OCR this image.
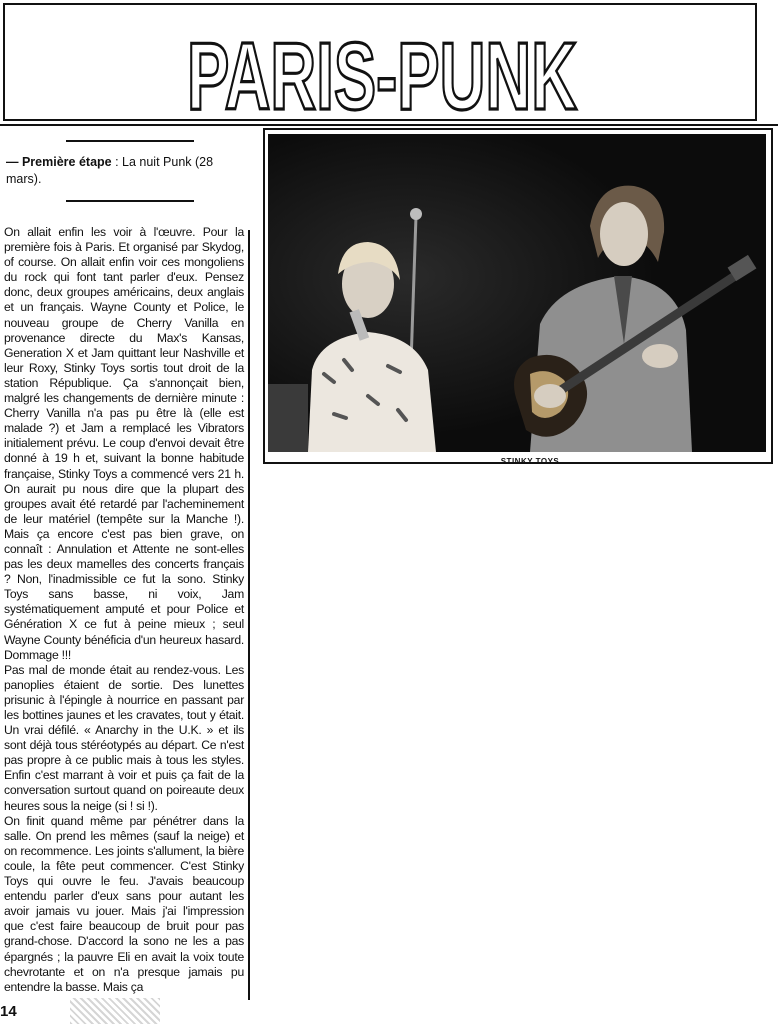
PARIS-PUNK
— Première étape : La nuit Punk (28 mars).

On allait enfin les voir à l'œuvre. Pour la première fois à Paris. Et organisé par Skydog, of course. On allait enfin voir ces mongoliens du rock qui font tant parler d'eux. Pensez donc, deux groupes américains, deux anglais et un français. Wayne County et Police, le nouveau groupe de Cherry Vanilla en provenance directe du Max's Kansas, Generation X et Jam quittant leur Nashville et leur Roxy, Stinky Toys sortis tout droit de la station République. Ça s'annonçait bien, malgré les changements de dernière minute : Cherry Vanilla n'a pas pu être là (elle est malade ?) et Jam a remplacé les Vibrators initialement prévu. Le coup d'envoi devait être donné à 19 h et, suivant la bonne habitude française, Stinky Toys a commencé vers 21 h. On aurait pu nous dire que la plupart des groupes avait été retardé par l'acheminement de leur matériel (tempête sur la Manche !). Mais ça encore c'est pas bien grave, on connaît : Annulation et Attente ne sont-elles pas les deux mamelles des concerts français ? Non, l'inadmissible ce fut la sono. Stinky Toys sans basse, ni voix, Jam systématiquement amputé et pour Police et Génération X ce fut à peine mieux ; seul Wayne County bénéficia d'un heureux hasard. Dommage !!!

Pas mal de monde était au rendez-vous. Les panoplies étaient de sortie. Des lunettes prisunic à l'épingle à nourrice en passant par les bottines jaunes et les cravates, tout y était. Un vrai défilé. « Anarchy in the U.K. » et ils sont déjà tous stéréotypés au départ. Ce n'est pas propre à ce public mais à tous les styles. Enfin c'est marrant à voir et puis ça fait de la conversation surtout quand on poireaute deux heures sous la neige (si ! si !).

On finit quand même par pénétrer dans la salle. On prend les mêmes (sauf la neige) et on recommence. Les joints s'allument, la bière coule, la fête peut commencer. C'est Stinky Toys qui ouvre le feu. J'avais beaucoup entendu parler d'eux sans pour autant les avoir jamais vu jouer. Mais j'ai l'impression que c'est faire beaucoup de bruit pour pas grand-chose. D'accord la sono ne les a pas épargnés ; la pauvre Eli en avait la voix toute chevrotante et on n'a presque jamais pu entendre la basse. Mais ça

STINKY TOYS
14
